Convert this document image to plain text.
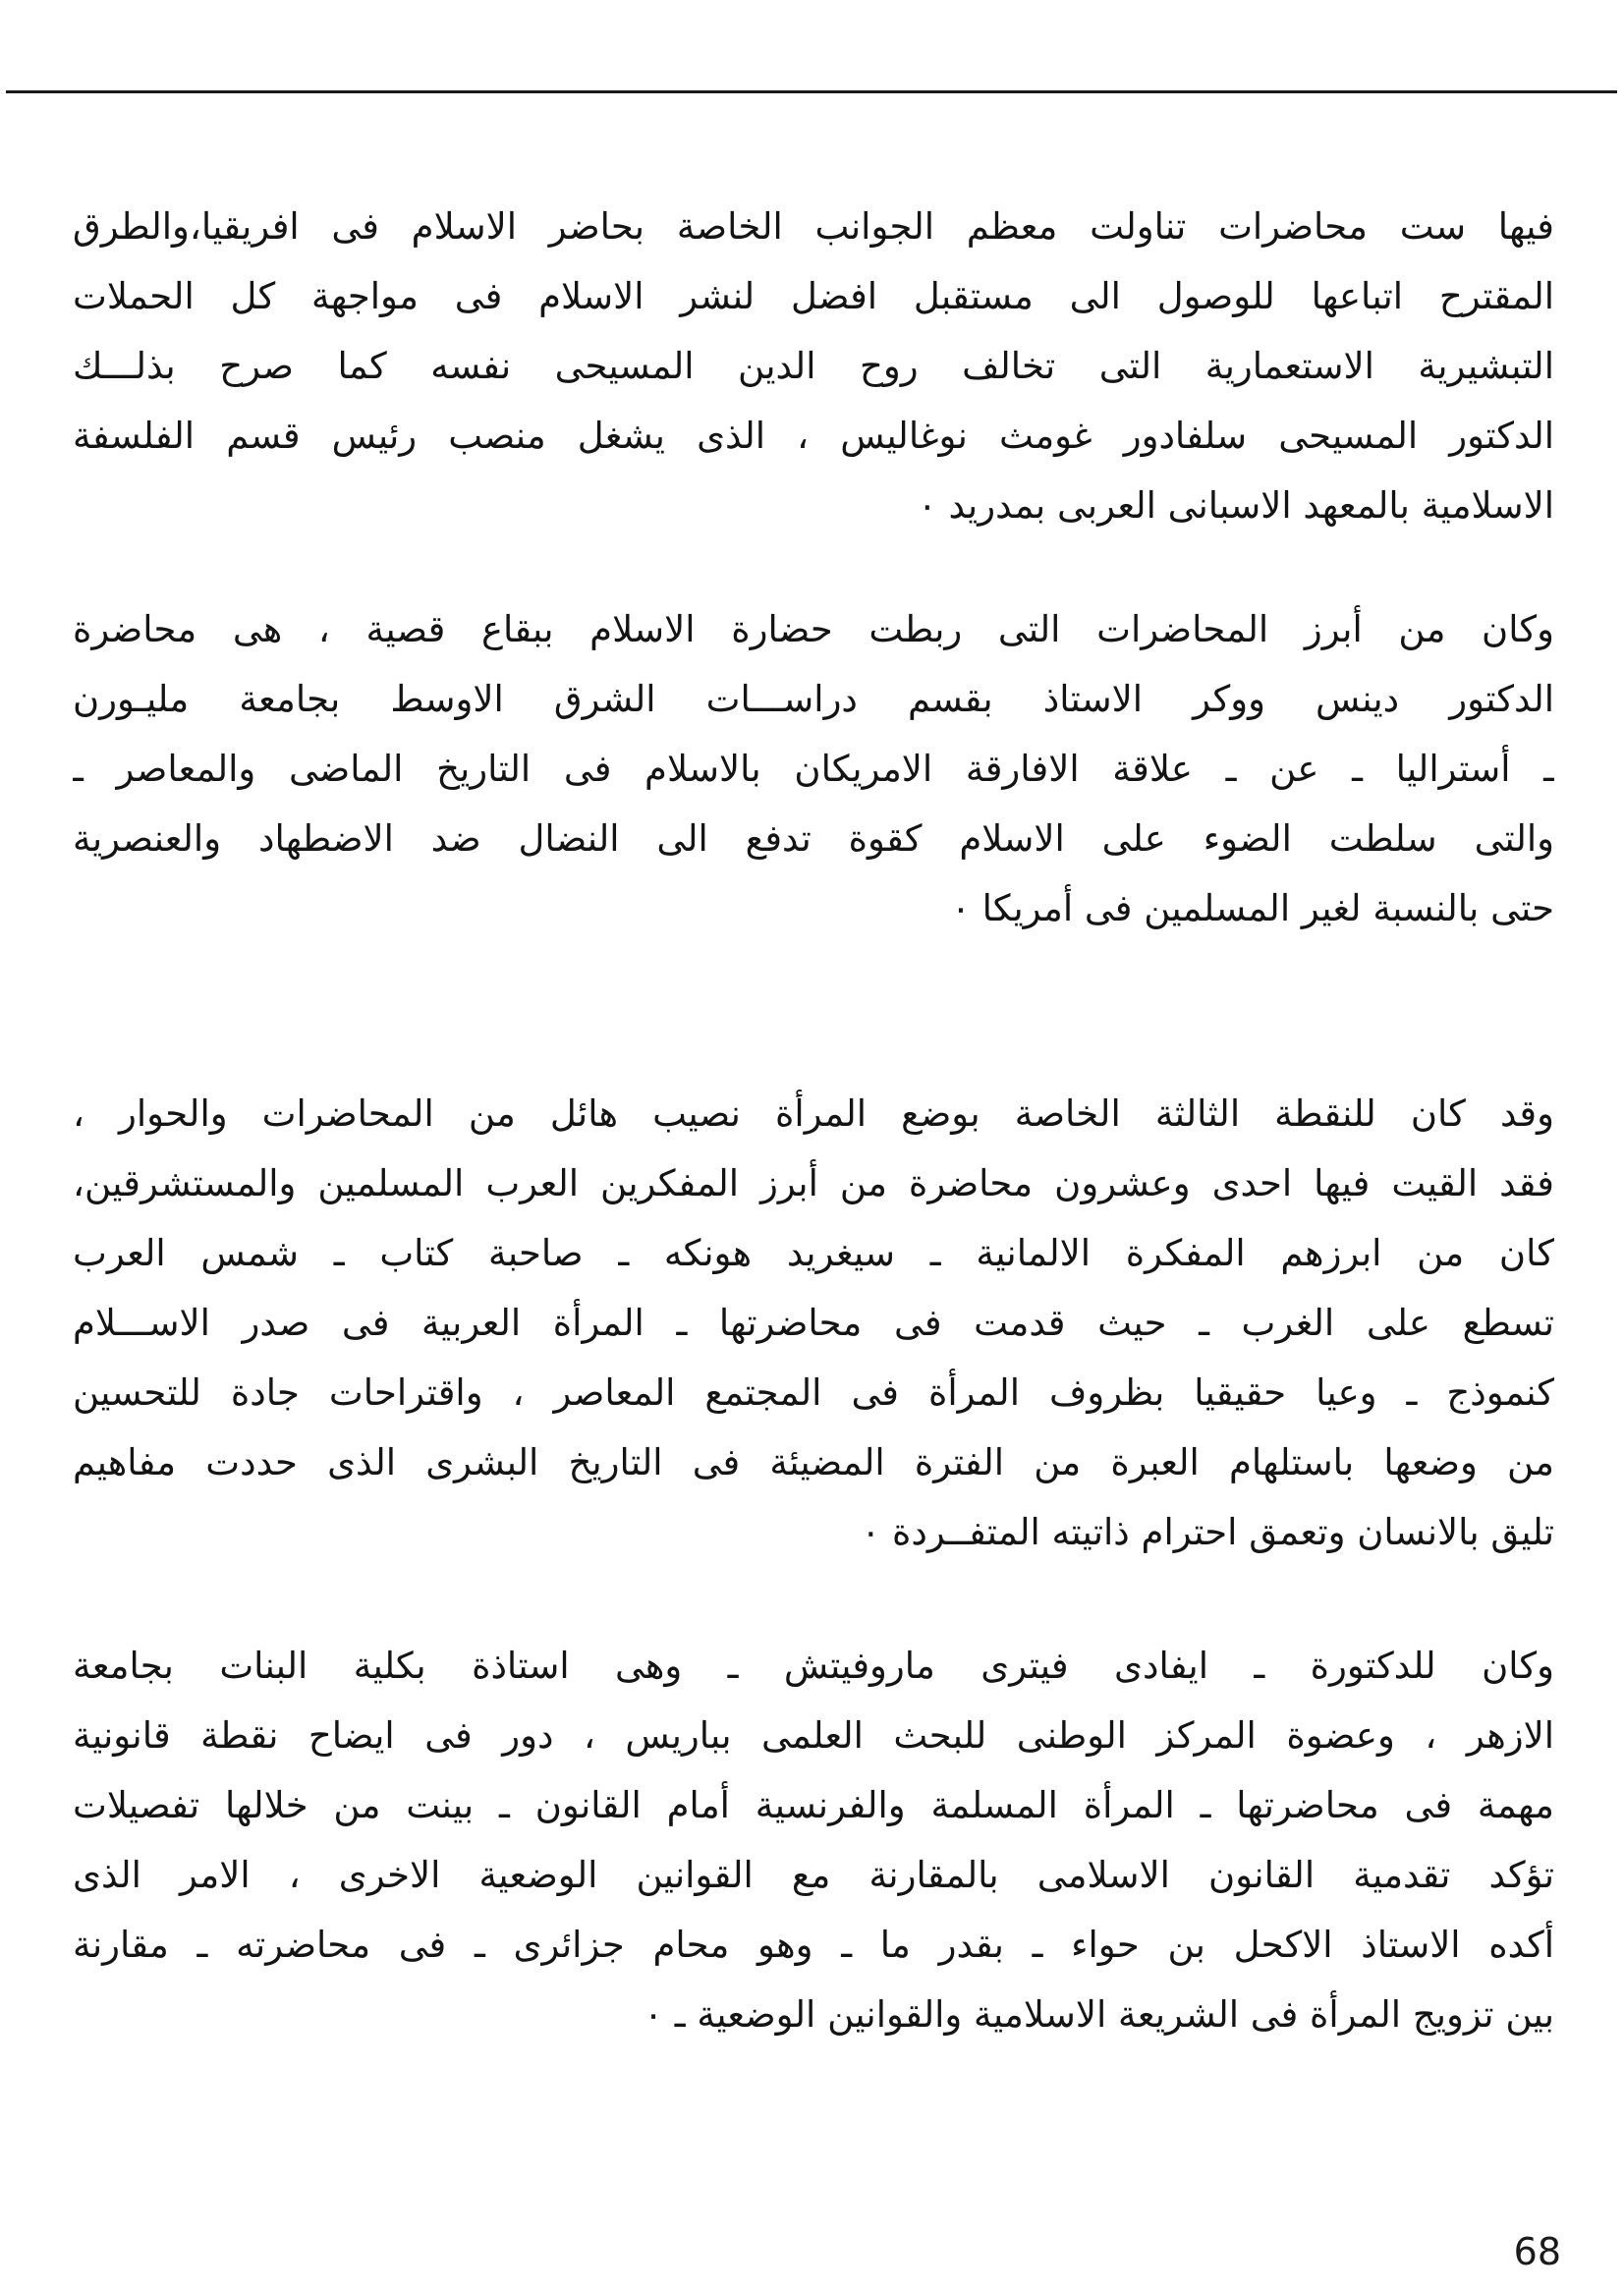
فيها ست محاضرات تناولت معظم الجوانب الخاصة بحاضر الاسلام فى افريقيا،والطرق
المقترح اتباعها للوصول الى مستقبل افضل لنشر الاسلام فى مواجهة كل الحملات
التبشيرية الاستعمارية التى تخالف روح الدين المسيحى نفسه كما صرح بذلـــك
الدكتور المسيحى سلفادور غومث نوغاليس ، الذى يشغل منصب رئيس قسم الفلسفة
الاسلامية بالمعهد الاسبانى العربى بمدريد ٠
وكان من أبرز المحاضرات التى ربطت حضارة الاسلام ببقاع قصية ، هى محاضرة
الدكتور دينس ووكر الاستاذ بقسم دراســـات الشرق الاوسط بجامعة مليـورن
ـ أستراليا ـ عن ـ علاقة الافارقة الامريكان بالاسلام فى التاريخ الماضى والمعاصر ـ
والتى سلطت الضوء على الاسلام كقوة تدفع الى النضال ضد الاضطهاد والعنصرية
حتى بالنسبة لغير المسلمين فى أمريكا ٠
وقد كان للنقطة الثالثة الخاصة بوضع المرأة نصيب هائل من المحاضرات والحوار ،
فقد القيت فيها احدى وعشرون محاضرة من أبرز المفكرين العرب المسلمين والمستشرقين،
كان من ابرزهم المفكرة الالمانية ـ سيغريد هونكه ـ صاحبة كتاب ـ شمس العرب
تسطع على الغرب ـ حيث قدمت فى محاضرتها ـ المرأة العربية فى صدر الاســـلام
كنموذج ـ وعيا حقيقيا بظروف المرأة فى المجتمع المعاصر ، واقتراحات جادة للتحسين
من وضعها باستلهام العبرة من الفترة المضيئة فى التاريخ البشرى الذى حددت مفاهيم
تليق بالانسان وتعمق احترام ذاتيته المتفــردة ٠
وكان للدكتورة ـ ايفادى فيترى ماروفيتش ـ وهى استاذة بكلية البنات بجامعة
الازهر ، وعضوة المركز الوطنى للبحث العلمى بباريس ، دور فى ايضاح نقطة قانونية
مهمة فى محاضرتها ـ المرأة المسلمة والفرنسية أمام القانون ـ بينت من خلالها تفصيلات
تؤكد تقدمية القانون الاسلامى بالمقارنة مع القوانين الوضعية الاخرى ، الامر الذى
أكده الاستاذ الاكحل بن حواء ـ بقدر ما ـ وهو محام جزائرى ـ فى محاضرته ـ مقارنة
بين تزويج المرأة فى الشريعة الاسلامية والقوانين الوضعية ـ ٠
68
